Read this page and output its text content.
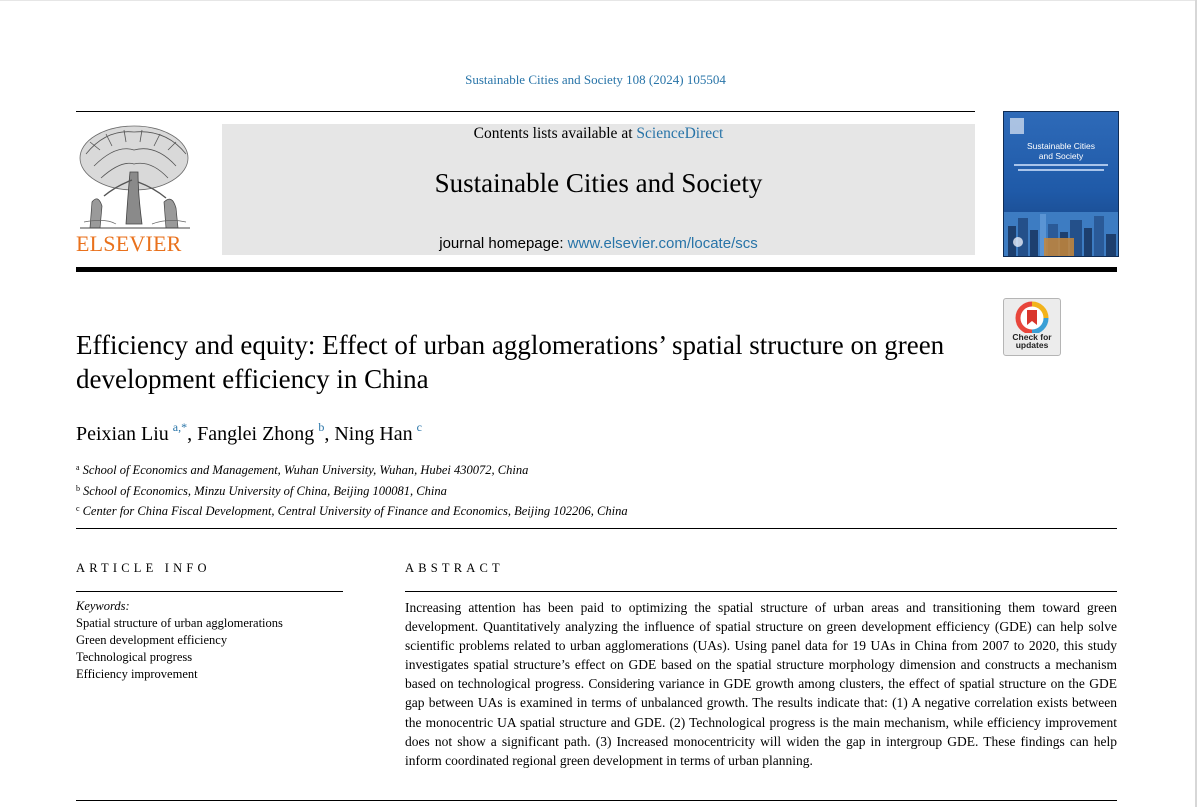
Sustainable Cities and Society 108 (2024) 105504
ELSEVIER
Contents lists available at ScienceDirect
Sustainable Cities and Society
journal homepage: www.elsevier.com/locate/scs
Sustainable Cities
and Society
Check for
updates
Efficiency and equity: Effect of urban agglomerations’ spatial structure on green development efficiency in China
Peixian Liu $^{a,*}$, Fanglei Zhong $^b$, Ning Han $^c$
$^a$ School of Economics and Management, Wuhan University, Wuhan, Hubei 430072, China
$^b$ School of Economics, Minzu University of China, Beijing 100081, China
$^c$ Center for China Fiscal Development, Central University of Finance and Economics, Beijing 102206, China
ARTICLE INFO	ABSTRACT
Keywords:
Spatial structure of urban agglomerations
Green development efficiency
Technological progress
Efficiency improvement
Increasing attention has been paid to optimizing the spatial structure of urban areas and transitioning them toward green development. Quantitatively analyzing the influence of spatial structure on green development efficiency (GDE) can help solve scientific problems related to urban agglomerations (UAs). Using panel data for 19 UAs in China from 2007 to 2020, this study investigates spatial structure’s effect on GDE based on the spatial structure morphology dimension and constructs a mechanism based on technological progress. Considering variance in GDE growth among clusters, the effect of spatial structure on the GDE gap between UAs is examined in terms of unbalanced growth. The results indicate that: (1) A negative correlation exists between the monocentric UA spatial structure and GDE. (2) Technological progress is the main mechanism, while efficiency improvement does not show a significant path. (3) Increased monocentricity will widen the gap in intergroup GDE. These findings can help inform coordinated regional green development in terms of urban planning.
